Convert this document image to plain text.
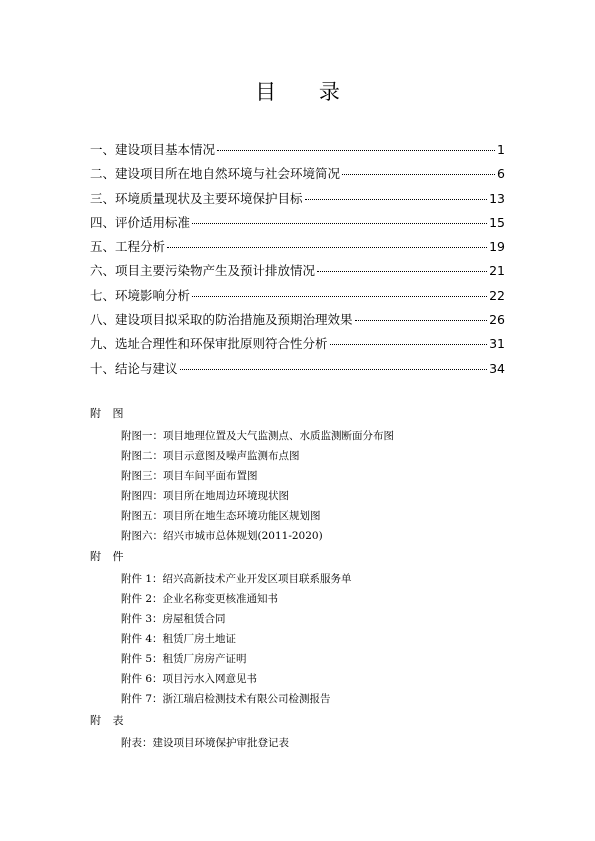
目 录
一、建设项目基本情况	1
二、建设项目所在地自然环境与社会环境简况	6
三、环境质量现状及主要环境保护目标	13
四、评价适用标准	15
五、工程分析	19
六、项目主要污染物产生及预计排放情况	21
七、环境影响分析	22
八、建设项目拟采取的防治措施及预期治理效果	26
九、选址合理性和环保审批原则符合性分析	31
十、结论与建议	34
附 图
附图一：项目地理位置及大气监测点、水质监测断面分布图
附图二：项目示意图及噪声监测布点图
附图三：项目车间平面布置图
附图四：项目所在地周边环境现状图
附图五：项目所在地生态环境功能区规划图
附图六：绍兴市城市总体规划(2011-2020)
附 件
附件 1：绍兴高新技术产业开发区项目联系服务单
附件 2：企业名称变更核准通知书
附件 3：房屋租赁合同
附件 4：租赁厂房土地证
附件 5：租赁厂房房产证明
附件 6：项目污水入网意见书
附件 7：浙江瑞启检测技术有限公司检测报告
附 表
附表：建设项目环境保护审批登记表
